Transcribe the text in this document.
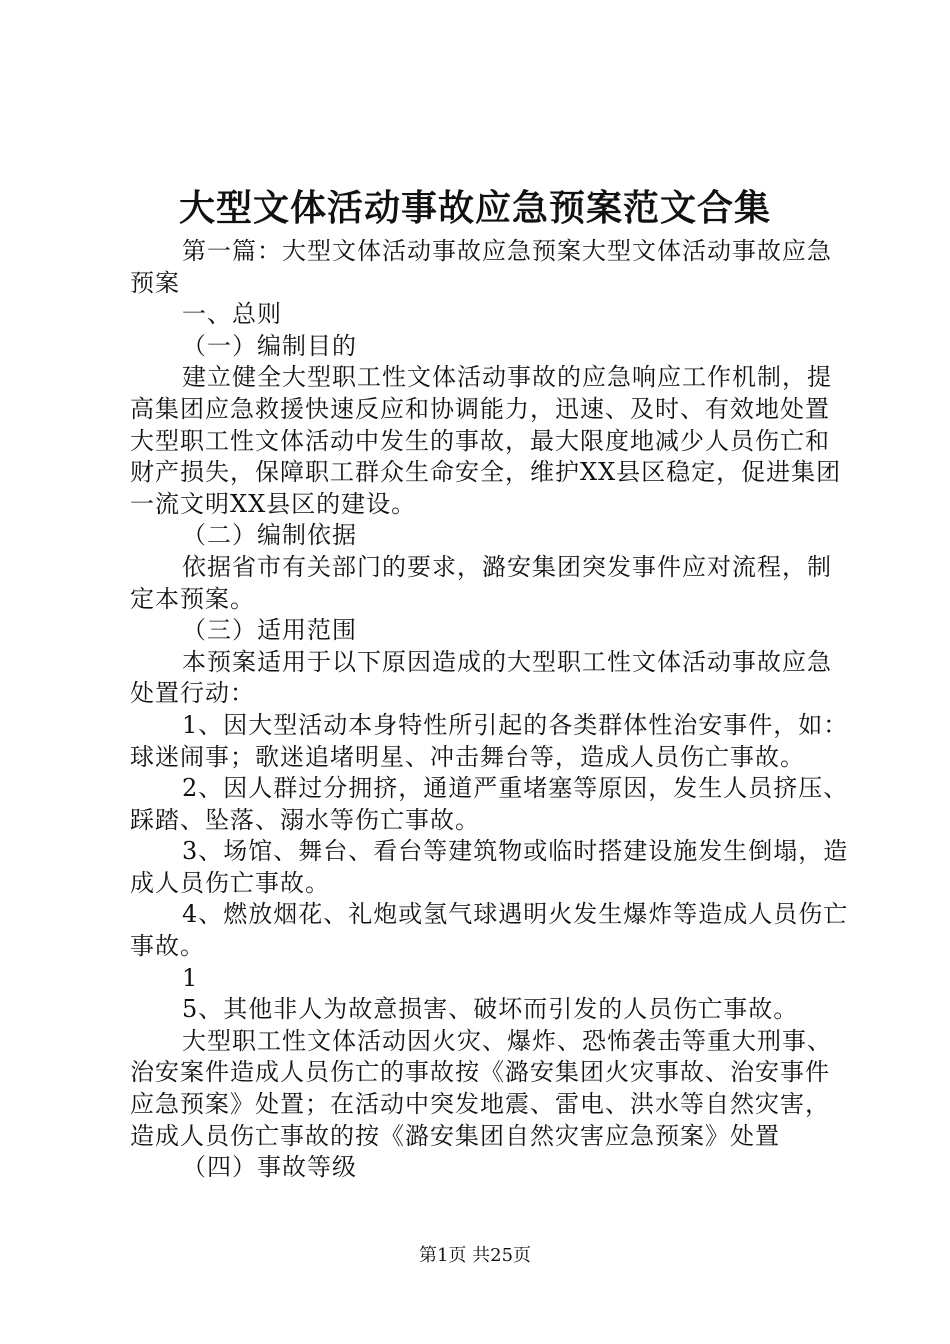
大型文体活动事故应急预案范文合集

第一篇：大型文体活动事故应急预案大型文体活动事故应急预案

一、总则

（一）编制目的

建立健全大型职工性文体活动事故的应急响应工作机制，提高集团应急救援快速反应和协调能力，迅速、及时、有效地处置大型职工性文体活动中发生的事故，最大限度地减少人员伤亡和财产损失，保障职工群众生命安全，维护XX县区稳定，促进集团一流文明XX县区的建设。

（二）编制依据

依据省市有关部门的要求，潞安集团突发事件应对流程，制定本预案。

（三）适用范围

本预案适用于以下原因造成的大型职工性文体活动事故应急处置行动：

1、因大型活动本身特性所引起的各类群体性治安事件，如：球迷闹事；歌迷追堵明星、冲击舞台等，造成人员伤亡事故。

2、因人群过分拥挤，通道严重堵塞等原因，发生人员挤压、踩踏、坠落、溺水等伤亡事故。

3、场馆、舞台、看台等建筑物或临时搭建设施发生倒塌，造成人员伤亡事故。

4、燃放烟花、礼炮或氢气球遇明火发生爆炸等造成人员伤亡事故。

1

5、其他非人为故意损害、破坏而引发的人员伤亡事故。

大型职工性文体活动因火灾、爆炸、恐怖袭击等重大刑事、治安案件造成人员伤亡的事故按《潞安集团火灾事故、治安事件应急预案》处置；在活动中突发地震、雷电、洪水等自然灾害，造成人员伤亡事故的按《潞安集团自然灾害应急预案》处置

（四）事故等级

第1页 共25页
